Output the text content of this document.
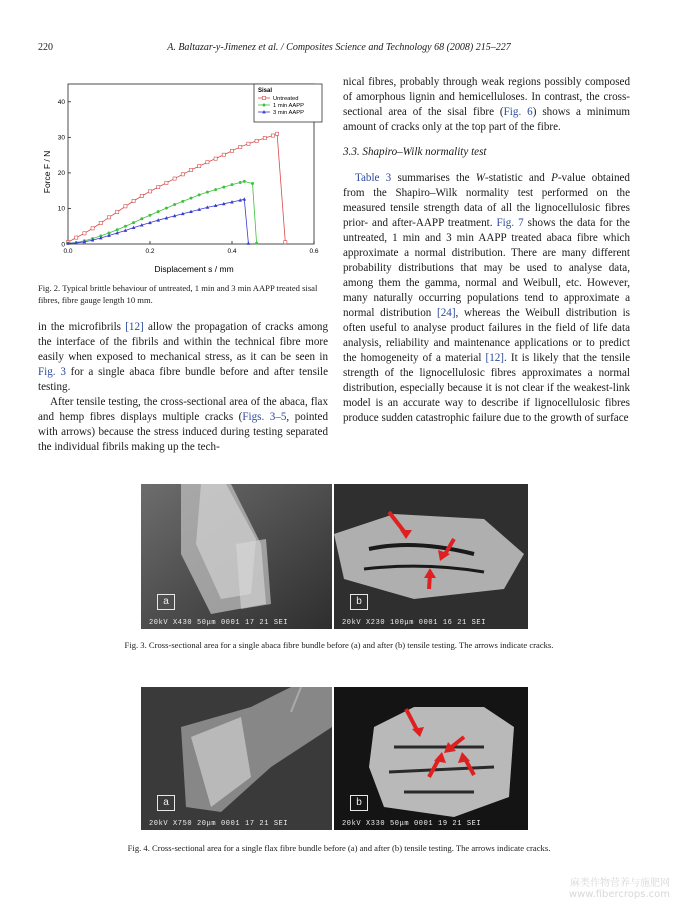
220	A. Baltazar-y-Jimenez et al. / Composites Science and Technology 68 (2008) 215–227
0.0	0.2	0.4	0.6
0
10
20
30
40
Sisal
Untreated
1 min AAPP
3 min AAPP
Displacement s / mm
Force F / N
Fig. 2. Typical brittle behaviour of untreated, 1 min and 3 min AAPP treated sisal fibres, fibre gauge length 10 mm.

in the microfibrils [12] allow the propagation of cracks among the interface of the fibrils and within the technical fibre more easily when exposed to mechanical stress, as it can be seen in Fig. 3 for a single abaca fibre bundle before and after tensile testing.

After tensile testing, the cross-sectional area of the abaca, flax and hemp fibres displays multiple cracks (Figs. 3–5, pointed with arrows) because the stress induced during testing separated the individual fibrils making up the tech-

nical fibres, probably through weak regions possibly composed of amorphous lignin and hemicelluloses. In contrast, the cross-sectional area of the sisal fibre (Fig. 6) shows a minimum amount of cracks only at the top part of the fibre.

3.3. Shapiro–Wilk normality test

Table 3 summarises the W-statistic and P-value obtained from the Shapiro–Wilk normality test performed on the measured tensile strength data of all the lignocellulosic fibres prior- and after-AAPP treatment. Fig. 7 shows the data for the untreated, 1 min and 3 min AAPP treated abaca fibre which approximate a normal distribution. There are many different probability distributions that may be used to analyse data, among them the gamma, normal and Weibull, etc. However, many naturally occurring populations tend to approximate a normal distribution [24], whereas the Weibull distribution is often useful to analyse product failures in the field of life data analysis, reliability and maintenance applications or to predict the homogeneity of a material [12]. It is likely that the tensile strength of the lignocellulosic fibres approximates a normal distribution, especially because it is not clear if the weakest-link model is an accurate way to describe if lignocellulosic fibres produce sudden catastrophic failure due to the growth of surface

a
20kV X430 50μm 0001 17 21 SEI
b
20kV X230 100μm 0001 16 21 SEI
Fig. 3. Cross-sectional area for a single abaca fibre bundle before (a) and after (b) tensile testing. The arrows indicate cracks.
a
20kV X750 20μm 0001 17 21 SEI
b
20kV X330 50μm 0001 19 21 SEI
Fig. 4. Cross-sectional area for a single flax fibre bundle before (a) and after (b) tensile testing. The arrows indicate cracks.
麻类作物营养与施肥网
www.fibercrops.com
